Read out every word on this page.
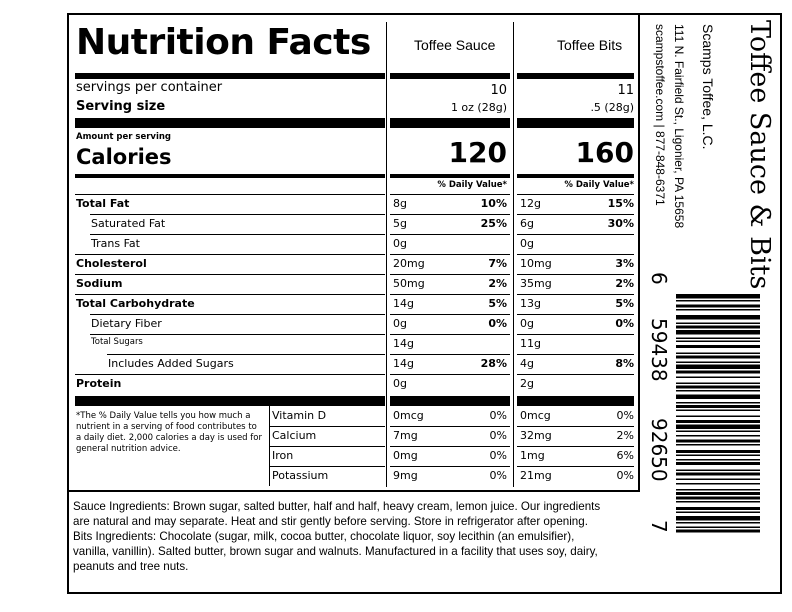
Nutrition Facts	Toffee Sauce	Toffee Bits
servings per container
Serving size
10	11
1 oz (28g)	.5 (28g)
Amount per serving
Calories	120	160
% Daily Value*	% Daily Value*
Total Fat	8g	10% 12g	15%
Saturated Fat	5g	25% 6g	30%
Trans Fat	0g	0g
Cholesterol	20mg	7% 10mg	3%
Sodium	50mg	2% 35mg	2%
Total Carbohydrate	14g	5% 13g	5%
Dietary Fiber	0g	0% 0g	0%
Total Sugars	14g	11g
Includes Added Sugars	14g	28% 4g	8%
Protein	0g	2g
Vitamin D	0mcg	0% 0mcg	0%
Calcium	7mg	0% 32mg	2%
Iron	0mg	0% 1mg	6%
Potassium	9mg	0% 21mg	0%
*The % Daily Value tells you how much a
nutrient in a serving of food contributes to
a daily diet. 2,000 calories a day is used for
general nutrition advice.
Sauce Ingredients: Brown sugar, salted butter, half and half, heavy cream, lemon juice. Our ingredients
are natural and may separate. Heat and stir gently before serving. Store in refrigerator after opening.
Bits Ingredients: Chocolate (sugar, milk, cocoa butter, chocolate liquor, soy lecithin (an emulsifier),
vanilla, vanillin). Salted butter, brown sugar and walnuts. Manufactured in a facility that uses soy, dairy,
peanuts and tree nuts.
Toffee Sauce & Bits
Scamps Toffee, L.C.
111 N. Fairfield St., Ligonier, PA 15658
scampstoffee.com | 877-848-6371
6
59438
92650
7
